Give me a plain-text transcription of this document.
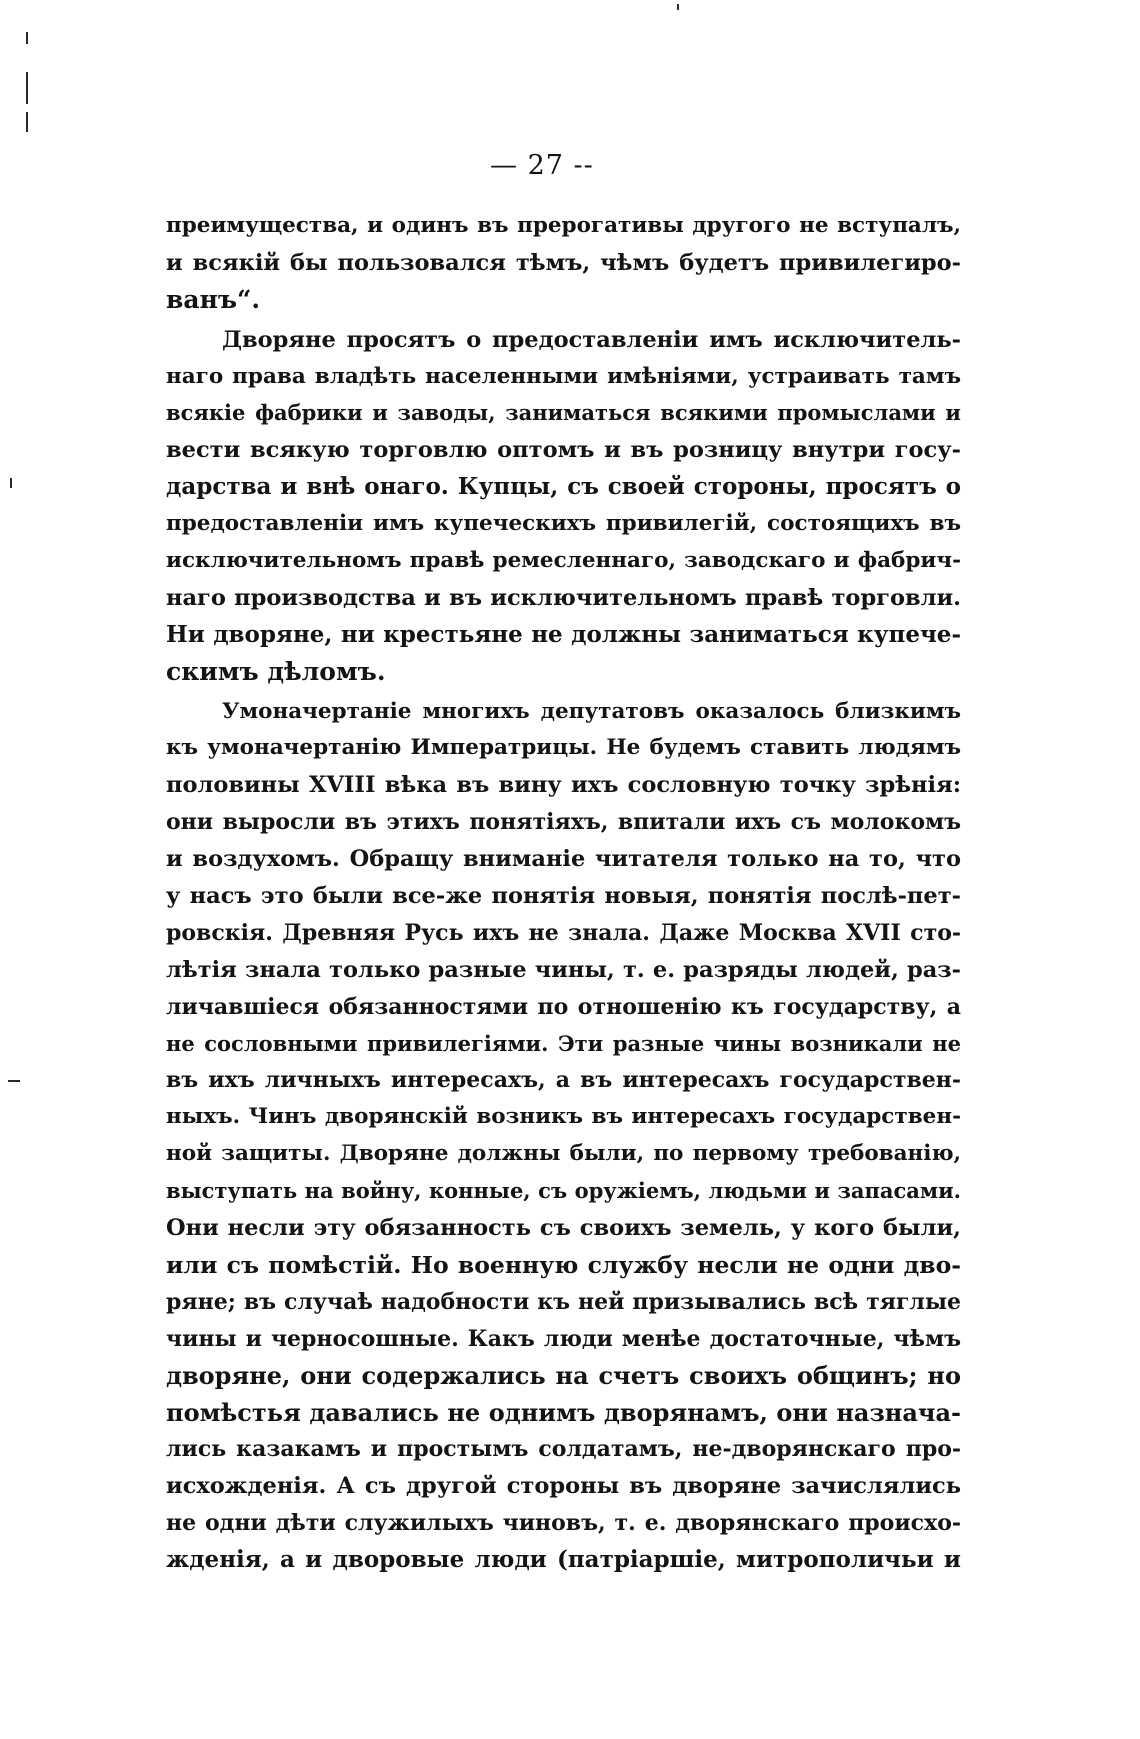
— 27 --
преимущества, и одинъ въ прерогативы другого не вступалъ,
и всякій бы пользовался тѣмъ, чѣмъ будетъ привилегиро-
ванъ“.
Дворяне просятъ о предоставленіи имъ исключитель-
наго права владѣть населенными имѣніями, устраивать тамъ
всякіе фабрики и заводы, заниматься всякими промыслами и
вести всякую торговлю оптомъ и въ розницу внутри госу-
дарства и внѣ онаго. Купцы, съ своей стороны, просятъ о
предоставленіи имъ купеческихъ привилегій, состоящихъ въ
исключительномъ правѣ ремесленнаго, заводскаго и фабрич-
наго производства и въ исключительномъ правѣ торговли.
Ни дворяне, ни крестьяне не должны заниматься купече-
скимъ дѣломъ.
Умоначертаніе многихъ депутатовъ оказалось близкимъ
къ умоначертанію Императрицы. Не будемъ ставить людямъ
половины XVIII вѣка въ вину ихъ сословную точку зрѣнія:
они выросли въ этихъ понятіяхъ, впитали ихъ съ молокомъ
и воздухомъ. Обращу вниманіе читателя только на то, что
у насъ это были все-же понятія новыя, понятія послѣ-пет-
ровскія. Древняя Русь ихъ не знала. Даже Москва XVII сто-
лѣтія знала только разные чины, т. е. разряды людей, раз-
личавшіеся обязанностями по отношенію къ государству, а
не сословными привилегіями. Эти разные чины возникали не
въ ихъ личныхъ интересахъ, а въ интересахъ государствен-
ныхъ. Чинъ дворянскій возникъ въ интересахъ государствен-
ной защиты. Дворяне должны были, по первому требованію,
выступать на войну, конные, съ оружіемъ, людьми и запасами.
Они несли эту обязанность съ своихъ земель, у кого были,
или съ помѣстій. Но военную службу несли не одни дво-
ряне; въ случаѣ надобности къ ней призывались всѣ тяглые
чины и черносошные. Какъ люди менѣе достаточные, чѣмъ
дворяне, они содержались на счетъ своихъ общинъ; но
помѣстья давались не однимъ дворянамъ, они назнача-
лись казакамъ и простымъ солдатамъ, не-дворянскаго про-
исхожденія. А съ другой стороны въ дворяне зачислялись
не одни дѣти служилыхъ чиновъ, т. е. дворянскаго происхо-
жденія, а и дворовые люди (патріаршіе, митрополичьи и
